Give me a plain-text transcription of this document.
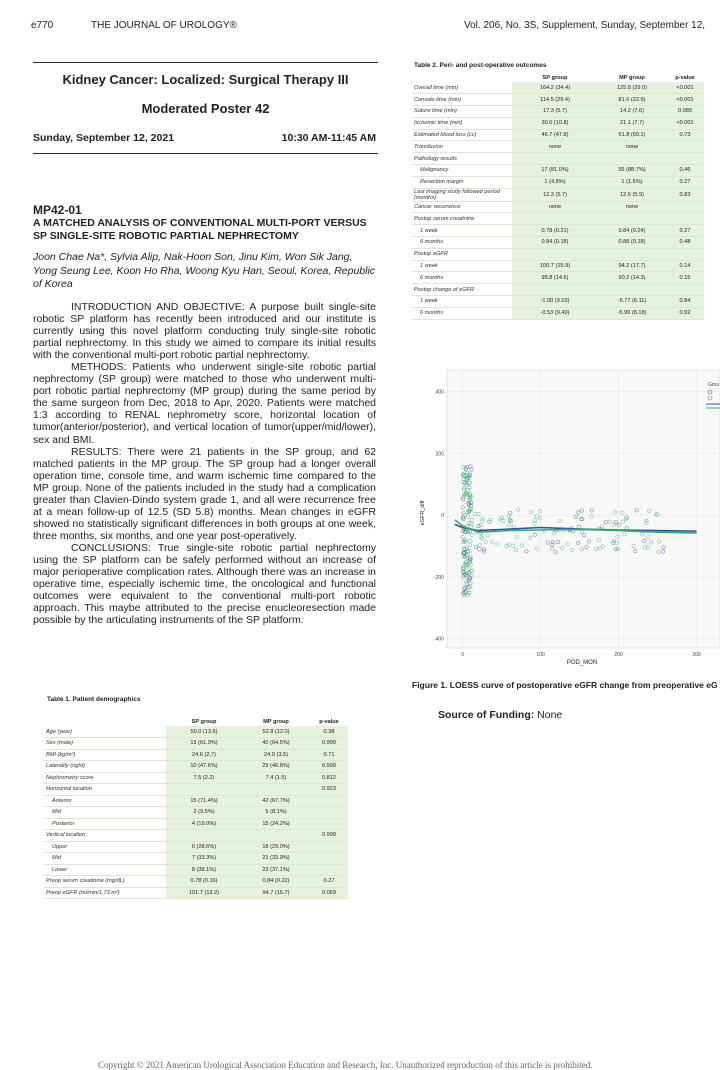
e770	THE JOURNAL OF UROLOGY®	Vol. 206, No. 3S, Supplement, Sunday, September 12,
Kidney Cancer: Localized: Surgical Therapy III
Moderated Poster 42
Sunday, September 12, 2021	10:30 AM-11:45 AM
MP42-01
A MATCHED ANALYSIS OF CONVENTIONAL MULTI-PORT VERSUS SP SINGLE-SITE ROBOTIC PARTIAL NEPHRECTOMY
Joon Chae Na*, Sylvia Alip, Nak-Hoon Son, Jinu Kim, Won Sik Jang, Yong Seung Lee, Koon Ho Rha, Woong Kyu Han, Seoul, Korea, Republic of Korea

INTRODUCTION AND OBJECTIVE: A purpose built single-site robotic SP platform has recently been introduced and our institute is currently using this novel platform conducting truly single-site robotic partial nephrectomy. In this study we aimed to compare its initial results with the conventional multi-port robotic partial nephrectomy.

METHODS: Patients who underwent single-site robotic partial nephrectomy (SP group) were matched to those who underwent multi-port robotic partial nephrectomy (MP group) during the same period by the same surgeon from Dec, 2018 to Apr, 2020. Patients were matched 1:3 according to RENAL nephrometry score, horizontal location of tumor(anterior/posterior), and vertical location of tumor(upper/mid/lower), sex and BMI.

RESULTS: There were 21 patients in the SP group, and 62 matched patients in the MP group. The SP group had a longer overall operation time, console time, and warm ischemic time compared to the MP group. None of the patients included in the study had a complication greater than Clavien-Dindo system grade 1, and all were recurrence free at a mean follow-up of 12.5 (SD 5.8) months. Mean changes in eGFR showed no statistically significant differences in both groups at one week, three months, six months, and one year post-operatively.

CONCLUSIONS: True single-site robotic partial nephrectomy using the SP platform can be safely performed without an increase of major perioperative complication rates. Although there was an increase in operative time, especially ischemic time, the oncological and functional outcomes were equivalent to the conventional multi-port robotic approach. This maybe attributed to the precise enucleoresection made possible by the articulating instruments of the SP platform.

Table 1. Patient demographics
	SP group	MP group	p-value
Age (year)	50.0 (13.6)	52.8 (12.0)	0.38
Sex (male)	13 (61.9%)	40 (64.5%)	0.999
BMI (kg/m²)	24.6 (2.7)	24.9 (3.5)	0.71
Laterality (right)	10 (47.6%)	29 (46.8%)	0.999
Nephrometry score	7.5 (2.2)	7.4 (1.5)	0.812
Horizontal location			0.923
Anterior	15 (71.4%)	42 (67.7%)	
Mid	2 (9.5%)	5 (8.1%)	
Posterior	4 (19.0%)	15 (24.2%)	
Vertical location			0.999
Upper	6 (28.6%)	18 (29.0%)	
Mid	7 (33.3%)	21 (33.9%)	
Lower	8 (38.1%)	23 (37.1%)	
Preop serum creatinine (mg/dL)	0.78 (0.16)	0.84 (0.22)	0.27
Preop eGFR (ml/min/1.73 m²)	101.7 (13.2)	94.7 (15.7)	0.069
Table 2. Peri- and post-operative outcomes
	SP group	MP group	p-value
Overall time (min)	164.2 (34.4)	125.8 (29.0)	<0.001
Console time (min)	114.5 (29.4)	81.6 (22.9)	<0.001
Suture time (min)	17.3 (5.7)	14.2 (7.6)	0.089
Ischemic time (min)	30.0 (10.8)	21.1 (7.7)	<0.001
Estimated blood loss (cc)	46.7 (47.8)	51.8 (60.1)	0.73
Transfusion	none	none	
Pathology results			
Malignancy	17 (81.0%)	55 (88.7%)	0.46
Resection margin	1 (4.8%)	1 (1.6%)	0.27
Last imaging study followed period (months)	12.3 (5.7)	12.6 (5.9)	0.83
Cancer recurrence	none	none	
Postop serum creatinine			
1 week	0.78 (0.21)	0.84 (0.24)	0.27
6 months	0.84 (0.18)	0.88 (0.18)	0.48
Postop eGFR			
1 week	100.7 (15.9)	94.2 (17.7)	0.14
6 months	95.8 (14.6)	90.2 (14.3)	0.15
Postop change of eGFR			
1 week	-1.00 (9.03)	-5.77 (6.11)	0.84
6 months	-0.53 (9.49)	-5.99 (8.18)	0.92
400
200
0
-200
-400
0	100	200	300
POD_MON
eGFR_diff
Grou
Figure 1. LOESS curve of postoperative eGFR change from preoperative eG
Source of Funding: None
Copyright © 2021 American Urological Association Education and Research, Inc. Unauthorized reproduction of this article is prohibited.
